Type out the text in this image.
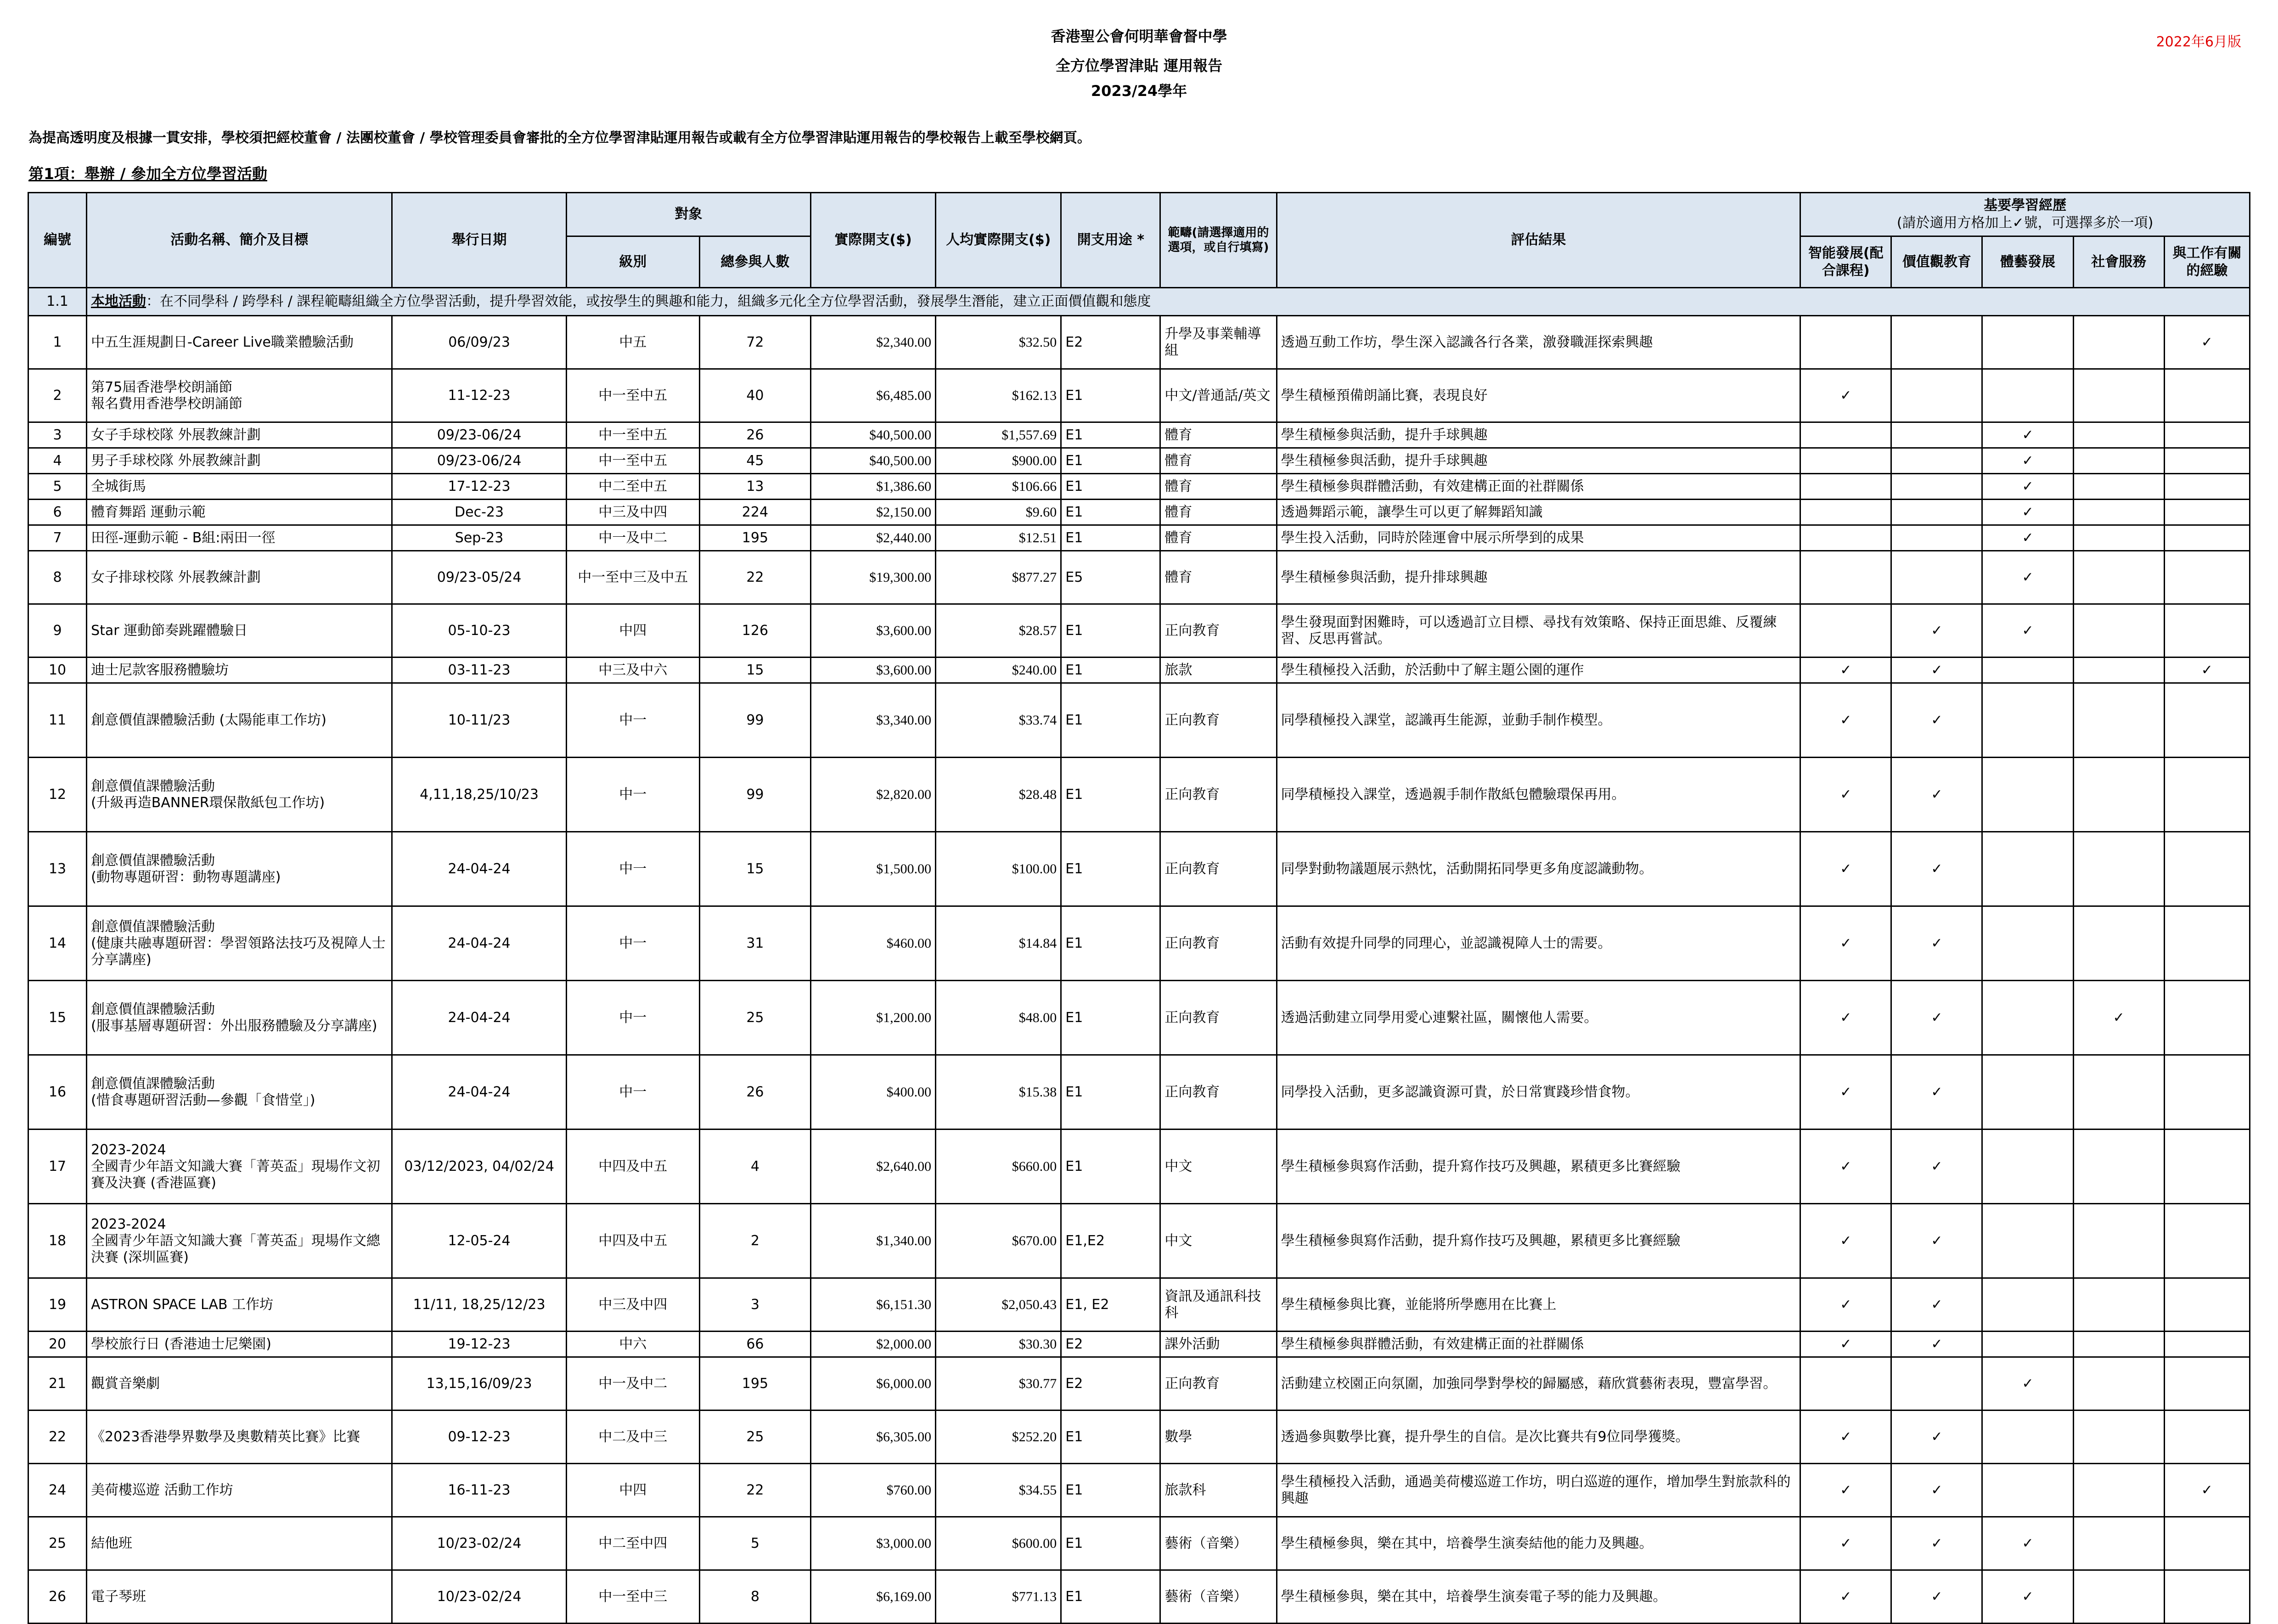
香港聖公會何明華會督中學
全方位學習津貼 運用報告
2023/24學年
2022年6月版
為提高透明度及根據一貫安排，學校須把經校董會 / 法團校董會 / 學校管理委員會審批的全方位學習津貼運用報告或載有全方位學習津貼運用報告的學校報告上載至學校網頁。
第1項：舉辦 / 參加全方位學習活動
編號	活動名稱、簡介及目標	舉行日期	對象		實際開支($)	人均實際開支($)	開支用途 *	範疇(請選擇適用的選項，或自行填寫)	評估結果	基要學習經歷
(請於適用方格加上✓號，可選擇多於一項)				

			級別	總參與人數						智能發展(配合課程)	價值觀教育	體藝發展	社會服務	與工作有關的經驗
1.1	本地活動：在不同學科 / 跨學科 / 課程範疇組織全方位學習活動，提升學習效能，或按學生的興趣和能力，組織多元化全方位學習活動，發展學生潛能，建立正面價值觀和態度													
1	中五生涯規劃日-Career Live職業體驗活動	06/09/23	中五	72	$2,340.00	$32.50	E2	升學及事業輔導組	透過互動工作坊，學生深入認識各行各業，激發職涯探索興趣					✓
2	第75屆香港學校朗誦節
報名費用香港學校朗誦節	11-12-23	中一至中五	40	$6,485.00	$162.13	E1	中文/普通話/英文	學生積極預備朗誦比賽，表現良好	✓				
3	女子手球校隊 外展教練計劃	09/23-06/24	中一至中五	26	$40,500.00	$1,557.69	E1	體育	學生積極參與活動，提升手球興趣			✓		
4	男子手球校隊 外展教練計劃	09/23-06/24	中一至中五	45	$40,500.00	$900.00	E1	體育	學生積極參與活動，提升手球興趣			✓		
5	全城街馬	17-12-23	中二至中五	13	$1,386.60	$106.66	E1	體育	學生積極參與群體活動，有效建構正面的社群關係			✓		
6	體育舞蹈 運動示範	Dec-23	中三及中四	224	$2,150.00	$9.60	E1	體育	透過舞蹈示範，讓學生可以更了解舞蹈知識			✓		
7	田徑-運動示範 - B組:兩田一徑	Sep-23	中一及中二	195	$2,440.00	$12.51	E1	體育	學生投入活動，同時於陸運會中展示所學到的成果			✓		
8	女子排球校隊 外展教練計劃	09/23-05/24	中一至中三及中五	22	$19,300.00	$877.27	E5	體育	學生積極參與活動，提升排球興趣			✓		
9	Star 運動節奏跳躍體驗日	05-10-23	中四	126	$3,600.00	$28.57	E1	正向教育	學生發現面對困難時，可以透過訂立目標、尋找有效策略、保持正面思維、反覆練習、反思再嘗試。		✓	✓		
10	迪士尼款客服務體驗坊	03-11-23	中三及中六	15	$3,600.00	$240.00	E1	旅款	學生積極投入活動，於活動中了解主題公園的運作	✓	✓			✓
11	創意價值課體驗活動 (太陽能車工作坊)	10-11/23	中一	99	$3,340.00	$33.74	E1	正向教育	同學積極投入課堂，認識再生能源，並動手制作模型。	✓	✓			
12	創意價值課體驗活動
(升級再造BANNER環保散紙包工作坊)	4,11,18,25/10/23	中一	99	$2,820.00	$28.48	E1	正向教育	同學積極投入課堂，透過親手制作散紙包體驗環保再用。	✓	✓			
13	創意價值課體驗活動
(動物專題研習：動物專題講座)	24-04-24	中一	15	$1,500.00	$100.00	E1	正向教育	同學對動物議題展示熱忱，活動開拓同學更多角度認識動物。	✓	✓			
14	創意價值課體驗活動
(健康共融專題研習：學習領路法技巧及視障人士分享講座)	24-04-24	中一	31	$460.00	$14.84	E1	正向教育	活動有效提升同學的同理心，並認識視障人士的需要。	✓	✓			
15	創意價值課體驗活動
(服事基層專題研習：外出服務體驗及分享講座)	24-04-24	中一	25	$1,200.00	$48.00	E1	正向教育	透過活動建立同學用愛心連繫社區，關懷他人需要。	✓	✓		✓	
16	創意價值課體驗活動
(惜食專題研習活動—參觀「食惜堂」)	24-04-24	中一	26	$400.00	$15.38	E1	正向教育	同學投入活動，更多認識資源可貴，於日常實踐珍惜食物。	✓	✓			
17	2023-2024
全國青少年語文知識大賽「菁英盃」現場作文初賽及決賽 (香港區賽)	03/12/2023, 04/02/24	中四及中五	4	$2,640.00	$660.00	E1	中文	學生積極參與寫作活動，提升寫作技巧及興趣，累積更多比賽經驗	✓	✓			
18	2023-2024
全國青少年語文知識大賽「菁英盃」現場作文總決賽 (深圳區賽)	12-05-24	中四及中五	2	$1,340.00	$670.00	E1,E2	中文	學生積極參與寫作活動，提升寫作技巧及興趣，累積更多比賽經驗	✓	✓			
19	ASTRON SPACE LAB 工作坊	11/11, 18,25/12/23	中三及中四	3	$6,151.30	$2,050.43	E1, E2	資訊及通訊科技科	學生積極參與比賽，並能將所學應用在比賽上	✓	✓			
20	學校旅行日 (香港迪士尼樂園)	19-12-23	中六	66	$2,000.00	$30.30	E2	課外活動	學生積極參與群體活動，有效建構正面的社群關係	✓	✓			
21	觀賞音樂劇	13,15,16/09/23	中一及中二	195	$6,000.00	$30.77	E2	正向教育	活動建立校園正向氛圍，加強同學對學校的歸屬感，藉欣賞藝術表現，豐富學習。			✓		
22	《2023香港學界數學及奧數精英比賽》比賽	09-12-23	中二及中三	25	$6,305.00	$252.20	E1	數學	透過參與數學比賽，提升學生的自信。是次比賽共有9位同學獲獎。	✓	✓			
24	美荷樓巡遊 活動工作坊	16-11-23	中四	22	$760.00	$34.55	E1	旅款科	學生積極投入活動，通過美荷樓巡遊工作坊，明白巡遊的運作，增加學生對旅款科的興趣	✓	✓			✓
25	結他班	10/23-02/24	中二至中四	5	$3,000.00	$600.00	E1	藝術（音樂）	學生積極參與，樂在其中，培養學生演奏結他的能力及興趣。	✓	✓	✓		
26	電子琴班	10/23-02/24	中一至中三	8	$6,169.00	$771.13	E1	藝術（音樂）	學生積極參與，樂在其中，培養學生演奏電子琴的能力及興趣。	✓	✓	✓		
